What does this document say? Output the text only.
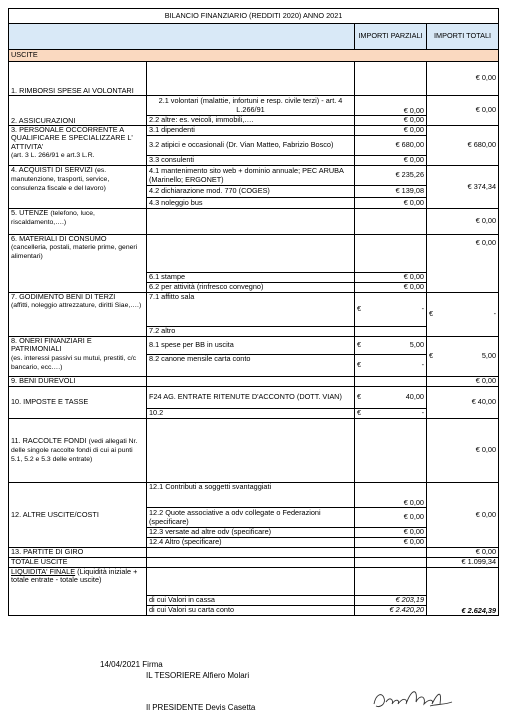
BILANCIO FINANZIARIO (REDDITI 2020) ANNO 2021			
		IMPORTI PARZIALI	IMPORTI TOTALI
USCITE			
1. RIMBORSI SPESE AI VOLONTARI			€ 0,00
2. ASSICURAZIONI	2.1 volontari (malattie, infortuni e resp. civile terzi) - art. 4 L.266/91	€ 0,00	€ 0,00
	2.2 altre: es. veicoli, immobili,….	€ 0,00	
3. PERSONALE OCCORRENTE A QUALIFICARE E SPECIALIZZARE L' ATTIVITA'
(art. 3 L. 266/91 e art.3 L.R.	3.1 dipendenti	€ 0,00	€ 680,00
	3.2 atipici e occasionali (Dr. Vian Matteo, Fabrizio Bosco)	€ 680,00	
	3.3 consulenti	€ 0,00	
4. ACQUISTI DI SERVIZI (es. manutenzione, trasporti, service, consulenza fiscale e del lavoro)	4.1 mantenimento sito web + dominio annuale; PEC ARUBA (Marinello; ERGONET)	€ 235,26	€ 374,34
	4.2 dichiarazione mod. 770 (COGES)	€ 139,08	
	4.3 noleggio bus	€ 0,00	
5. UTENZE (telefono, luce, riscaldamento,….)			€ 0,00
6. MATERIALI DI CONSUMO
(cancelleria, postali, materie prime, generi alimentari)			€ 0,00
	6.1 stampe	€ 0,00	
	6.2 per attività (rinfresco convegno)	€ 0,00	
7. GODIMENTO BENI DI TERZI
(affitti, noleggio attrezzature, diritti Siae,….)	7.1 affitto sala	€ -	€ -

	7.2 altro		
8. ONERI FINANZIARI E PATRIMONIALI
(es. interessi passivi su mutui, prestiti, c/c bancario, ecc….)	8.1 spese per BB in uscita	€ 5,00	€ 5,00

	8.2 canone mensile carta conto	€ -	

9. BENI DUREVOLI			€ 0,00
10. IMPOSTE E TASSE	F24 AG. ENTRATE RITENUTE D'ACCONTO (DOTT. VIAN)	€ 40,00	€ 40,00
	10.2	€ -	

11. RACCOLTE FONDI (vedi allegati Nr. delle singole raccolte fondi di cui ai punti 5.1, 5.2 e 5.3 delle entrate)			€ 0,00
12. ALTRE USCITE/COSTI	12.1 Contributi a soggetti svantaggiati	€ 0,00	€ 0,00
	12.2 Quote associative a odv collegate o Federazioni (specificare)	€ 0,00	
	12.3 versate ad altre odv (specificare)	€ 0,00	
	12.4 Altro (specificare)	€ 0,00	
13. PARTITE DI GIRO			€ 0,00
TOTALE USCITE			€ 1.099,34
LIQUIDITA' FINALE (Liquidità iniziale + totale entrate - totale uscite)			€ 2.624,39
	di cui Valori in cassa	€ 203,19	
	di cui Valori su carta conto	€ 2.420,20	
14/04/2021 Firma
IL TESORIERE Alfiero Molari
Il PRESIDENTE Devis Casetta
